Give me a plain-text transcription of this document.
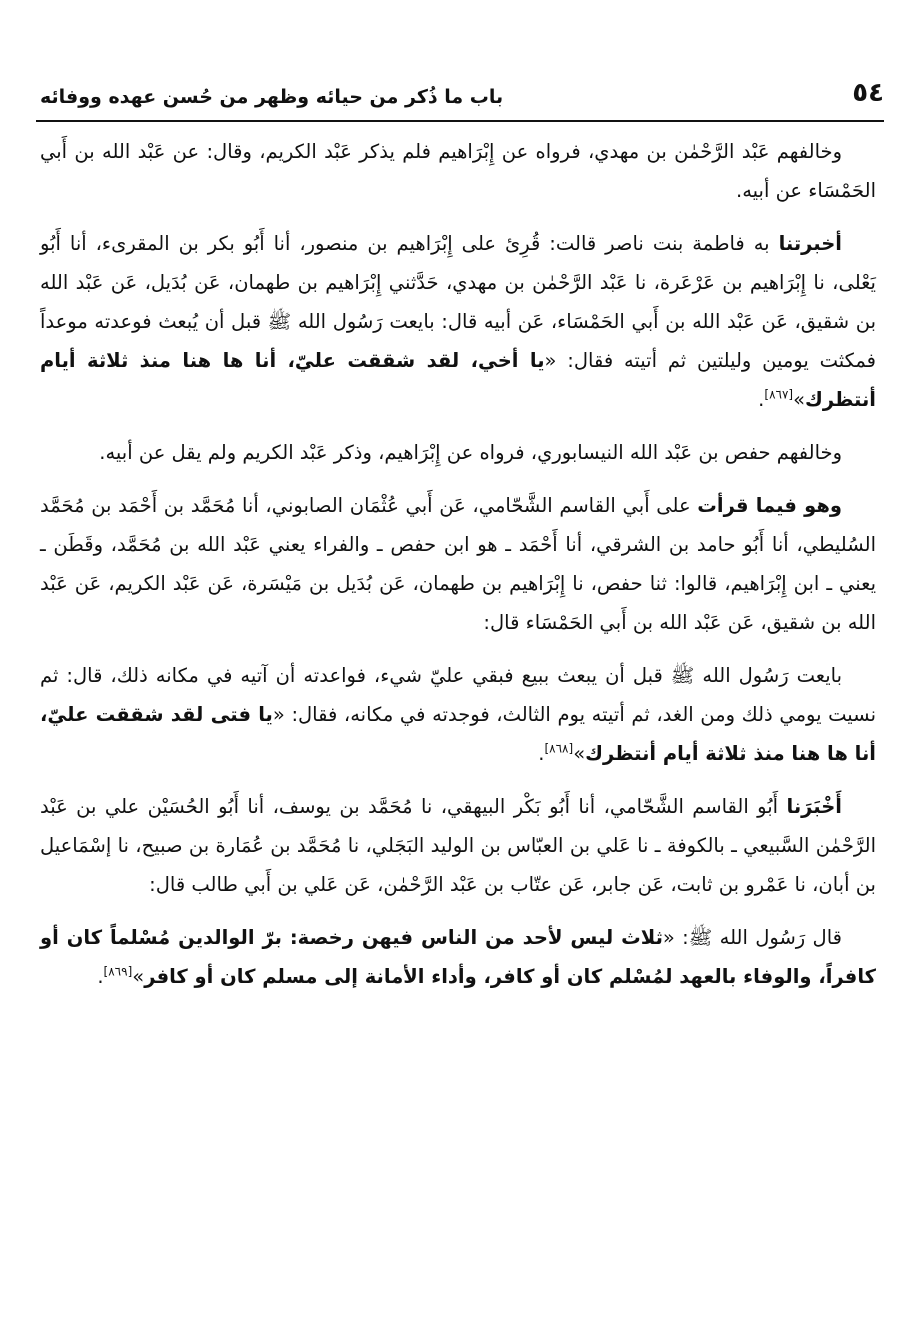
٥٤
باب ما ذُكر من حيائه وظهر من حُسن عهده ووفائه

وخالفهم عَبْد الرَّحْمٰن بن مهدي، فرواه عن إِبْرَاهيم فلم يذكر عَبْد الكريم، وقال: عن عَبْد الله بن أَبي الحَمْسَاء عن أبيه.

أخبرتنا به فاطمة بنت ناصر قالت: قُرِئ على إِبْرَاهيم بن منصور، أنا أَبُو بكر بن المقرىء، أنا أَبُو يَعْلى، نا إِبْرَاهيم بن عَرْعَرة، نا عَبْد الرَّحْمٰن بن مهدي، حَدَّثني إِبْرَاهيم بن طهمان، عَن بُدَيل، عَن عَبْد الله بن شقيق، عَن عَبْد الله بن أَبي الحَمْسَاء، عَن أبيه قال: بايعت رَسُول الله ﷺ قبل أن يُبعث فوعدته موعداً فمكثت يومين وليلتين ثم أتيته فقال: «يا أخي، لقد شققت عليّ، أنا ها هنا منذ ثلاثة أيام أنتظرك»[٨٦٧].

وخالفهم حفص بن عَبْد الله النيسابوري، فرواه عن إِبْرَاهيم، وذكر عَبْد الكريم ولم يقل عن أبيه.

وهو فيما قرأت على أَبي القاسم الشَّحّامي، عَن أَبي عُثْمَان الصابوني، أنا مُحَمَّد بن أَحْمَد بن مُحَمَّد السُليطي، أنا أَبُو حامد بن الشرقي، أنا أَحْمَد ـ هو ابن حفص ـ والفراء يعني عَبْد الله بن مُحَمَّد، وقَطَن ـ يعني ـ ابن إِبْرَاهيم، قالوا: ثنا حفص، نا إِبْرَاهيم بن طهمان، عَن بُدَيل بن مَيْسَرة، عَن عَبْد الكريم، عَن عَبْد الله بن شقيق، عَن عَبْد الله بن أَبي الحَمْسَاء قال:

بايعت رَسُول الله ﷺ قبل أن يبعث ببيع فبقي عليّ شيء، فواعدته أن آتيه في مكانه ذلك، قال: ثم نسيت يومي ذلك ومن الغد، ثم أتيته يوم الثالث، فوجدته في مكانه، فقال: «يا فتى لقد شققت عليّ، أنا ها هنا منذ ثلاثة أيام أنتظرك»[٨٦٨].

أَخْبَرَنا أَبُو القاسم الشَّحّامي، أنا أَبُو بَكْر البيهقي، نا مُحَمَّد بن يوسف، أنا أَبُو الحُسَيْن علي بن عَبْد الرَّحْمٰن السَّبيعي ـ بالكوفة ـ نا عَلي بن العبّاس بن الوليد البَجَلي، نا مُحَمَّد بن عُمَارة بن صبيح، نا إسْمَاعيل بن أبان، نا عَمْرو بن ثابت، عَن جابر، عَن عتّاب بن عَبْد الرَّحْمٰن، عَن عَلي بن أَبي طالب قال:

قال رَسُول الله ﷺ: «ثلاث ليس لأحد من الناس فيهن رخصة: برّ الوالدين مُسْلماً كان أو كافراً، والوفاء بالعهد لمُسْلم كان أو كافر، وأداء الأمانة إلى مسلم كان أو كافر»[٨٦٩].
